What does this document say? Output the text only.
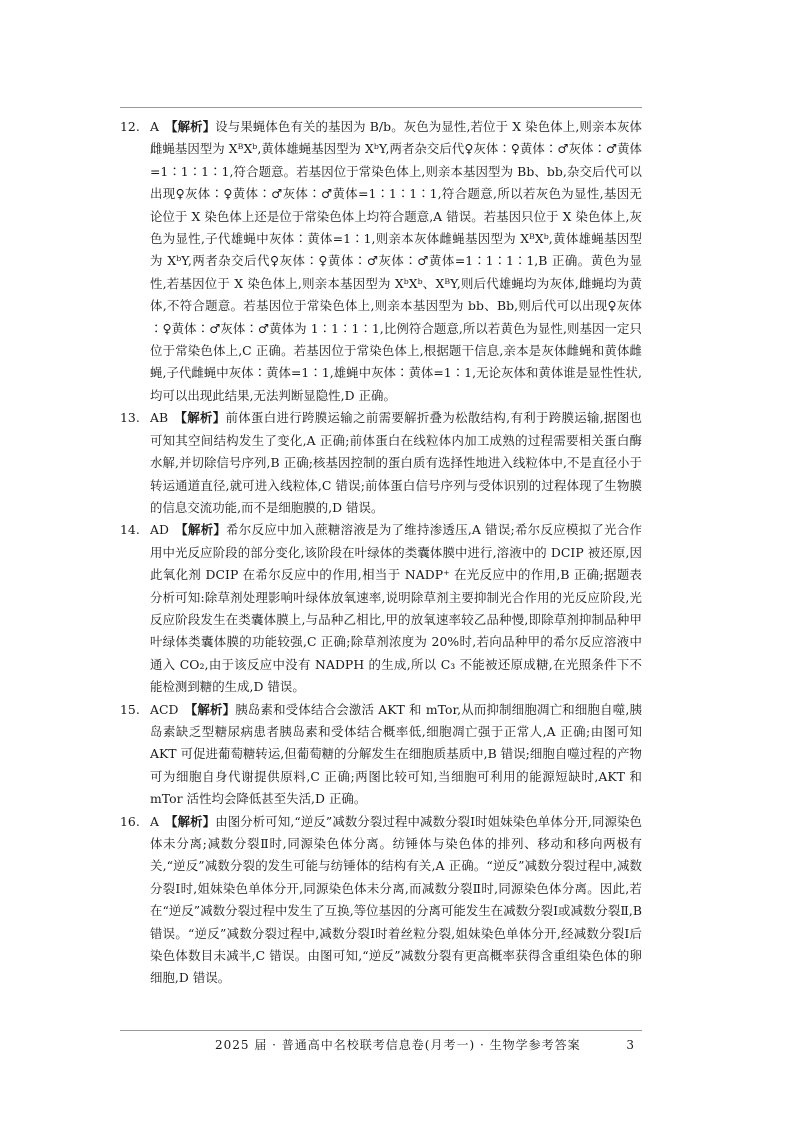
12. A 【解析】设与果蝇体色有关的基因为 B/b。灰色为显性,若位于 X 染色体上,则亲本灰体雌蝇基因型为 XᴮXᵇ,黄体雄蝇基因型为 XᵇY,两者杂交后代♀灰体∶♀黄体∶♂灰体∶♂黄体=1∶1∶1∶1,符合题意。若基因位于常染色体上,则亲本基因型为 Bb、bb,杂交后代可以出现♀灰体∶♀黄体∶♂灰体∶♂黄体=1∶1∶1∶1,符合题意,所以若灰色为显性,基因无论位于 X 染色体上还是位于常染色体上均符合题意,A 错误。若基因只位于 X 染色体上,灰色为显性,子代雄蝇中灰体∶黄体=1∶1,则亲本灰体雌蝇基因型为 XᴮXᵇ,黄体雄蝇基因型为 XᵇY,两者杂交后代♀灰体∶♀黄体∶♂灰体∶♂黄体=1∶1∶1∶1,B 正确。黄色为显性,若基因位于 X 染色体上,则亲本基因型为 XᵇXᵇ、XᴮY,则后代雄蝇均为灰体,雌蝇均为黄体,不符合题意。若基因位于常染色体上,则亲本基因型为 bb、Bb,则后代可以出现♀灰体∶♀黄体∶♂灰体∶♂黄体为 1∶1∶1∶1,比例符合题意,所以若黄色为显性,则基因一定只位于常染色体上,C 正确。若基因位于常染色体上,根据题干信息,亲本是灰体雌蝇和黄体雌蝇,子代雌蝇中灰体∶黄体=1∶1,雄蝇中灰体∶黄体=1∶1,无论灰体和黄体谁是显性性状,均可以出现此结果,无法判断显隐性,D 正确。
13. AB 【解析】前体蛋白进行跨膜运输之前需要解折叠为松散结构,有利于跨膜运输,据图也可知其空间结构发生了变化,A 正确;前体蛋白在线粒体内加工成熟的过程需要相关蛋白酶水解,并切除信号序列,B 正确;核基因控制的蛋白质有选择性地进入线粒体中,不是直径小于转运通道直径,就可进入线粒体,C 错误;前体蛋白信号序列与受体识别的过程体现了生物膜的信息交流功能,而不是细胞膜的,D 错误。
14. AD 【解析】希尔反应中加入蔗糖溶液是为了维持渗透压,A 错误;希尔反应模拟了光合作用中光反应阶段的部分变化,该阶段在叶绿体的类囊体膜中进行,溶液中的 DCIP 被还原,因此氧化剂 DCIP 在希尔反应中的作用,相当于 NADP⁺ 在光反应中的作用,B 正确;据题表分析可知:除草剂处理影响叶绿体放氧速率,说明除草剂主要抑制光合作用的光反应阶段,光反应阶段发生在类囊体膜上,与品种乙相比,甲的放氧速率较乙品种慢,即除草剂抑制品种甲叶绿体类囊体膜的功能较强,C 正确;除草剂浓度为 20%时,若向品种甲的希尔反应溶液中通入 CO₂,由于该反应中没有 NADPH 的生成,所以 C₃ 不能被还原成糖,在光照条件下不能检测到糖的生成,D 错误。
15. ACD 【解析】胰岛素和受体结合会激活 AKT 和 mTor,从而抑制细胞凋亡和细胞自噬,胰岛素缺乏型糖尿病患者胰岛素和受体结合概率低,细胞凋亡强于正常人,A 正确;由图可知 AKT 可促进葡萄糖转运,但葡萄糖的分解发生在细胞质基质中,B 错误;细胞自噬过程的产物可为细胞自身代谢提供原料,C 正确;两图比较可知,当细胞可利用的能源短缺时,AKT 和 mTor 活性均会降低甚至失活,D 正确。
16. A 【解析】由图分析可知,“逆反”减数分裂过程中减数分裂Ⅰ时姐妹染色单体分开,同源染色体未分离;减数分裂Ⅱ时,同源染色体分离。纺锤体与染色体的排列、移动和移向两极有关,“逆反”减数分裂的发生可能与纺锤体的结构有关,A 正确。“逆反”减数分裂过程中,减数分裂Ⅰ时,姐妹染色单体分开,同源染色体未分离,而减数分裂Ⅱ时,同源染色体分离。因此,若在“逆反”减数分裂过程中发生了互换,等位基因的分离可能发生在减数分裂Ⅰ或减数分裂Ⅱ,B 错误。“逆反”减数分裂过程中,减数分裂Ⅰ时着丝粒分裂,姐妹染色单体分开,经减数分裂Ⅰ后染色体数目未减半,C 错误。由图可知,“逆反”减数分裂有更高概率获得含重组染色体的卵细胞,D 错误。
2025 届 · 普通高中名校联考信息卷(月考一) · 生物学参考答案	3
